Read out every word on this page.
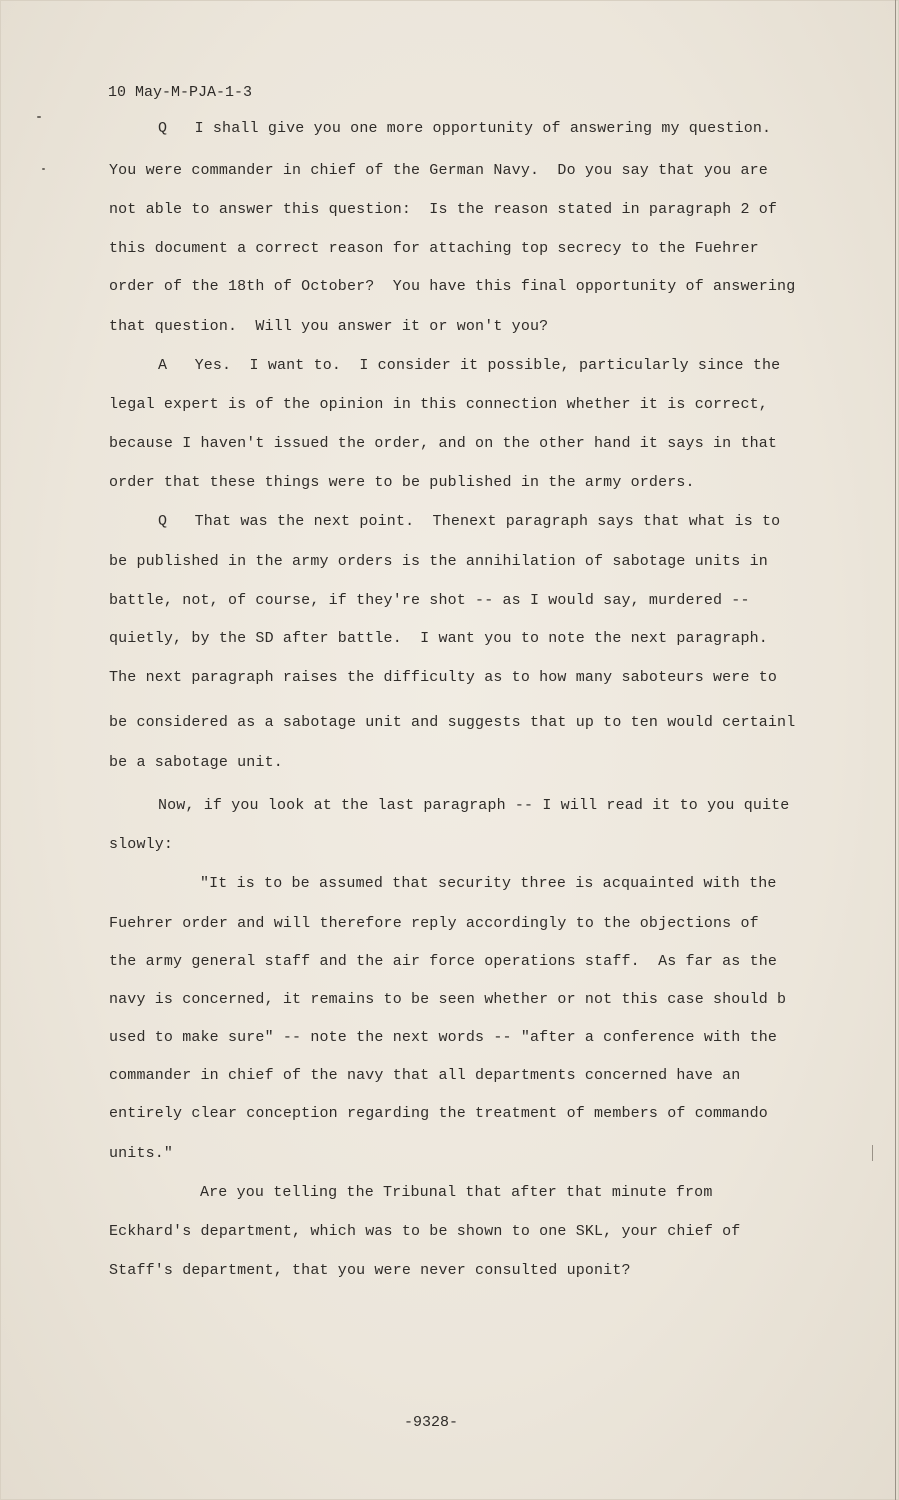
10 May-M-PJA-1-3
Q   I shall give you one more opportunity of answering my question.
You were commander in chief of the German Navy.  Do you say that you are
not able to answer this question:  Is the reason stated in paragraph 2 of
this document a correct reason for attaching top secrecy to the Fuehrer
order of the 18th of October?  You have this final opportunity of answering
that question.  Will you answer it or won't you?
A   Yes.  I want to.  I consider it possible, particularly since the
legal expert is of the opinion in this connection whether it is correct,
because I haven't issued the order, and on the other hand it says in that
order that these things were to be published in the army orders.
Q   That was the next point.  Thenext paragraph says that what is to
be published in the army orders is the annihilation of sabotage units in
battle, not, of course, if they're shot -- as I would say, murdered --
quietly, by the SD after battle.  I want you to note the next paragraph.
The next paragraph raises the difficulty as to how many saboteurs were to
be considered as a sabotage unit and suggests that up to ten would certainl
be a sabotage unit.
Now, if you look at the last paragraph -- I will read it to you quite
slowly:
"It is to be assumed that security three is acquainted with the
Fuehrer order and will therefore reply accordingly to the objections of
the army general staff and the air force operations staff.  As far as the
navy is concerned, it remains to be seen whether or not this case should b
used to make sure" -- note the next words -- "after a conference with the
commander in chief of the navy that all departments concerned have an
entirely clear conception regarding the treatment of members of commando
units."
Are you telling the Tribunal that after that minute from
Eckhard's department, which was to be shown to one SKL, your chief of
Staff's department, that you were never consulted uponit?
-9328-
